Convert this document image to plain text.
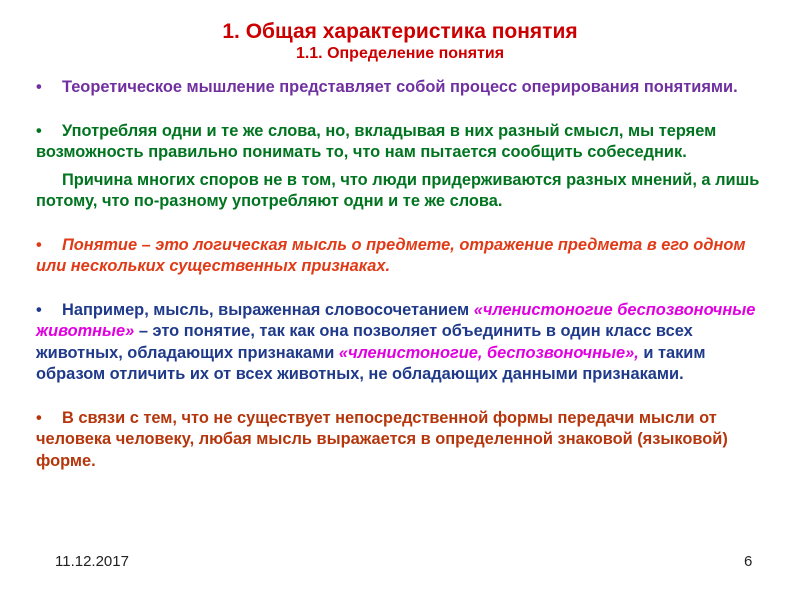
1. Общая характеристика понятия
1.1. Определение понятия

• Теоретическое мышление представляет собой процесс оперирования понятиями.

• Употребляя одни и те же слова, но, вкладывая в них разный смысл, мы теряем возможность правильно понимать то, что нам пытается сообщить собеседник.

Причина многих споров не в том, что люди придерживаются разных мнений, а лишь потому, что по-разному употребляют одни и те же слова.

• Понятие – это логическая мысль о предмете, отражение предмета в его одном или нескольких существенных признаках.

• Например, мысль, выраженная словосочетанием «членистоногие беспозвоночные животные» – это понятие, так как она позволяет объединить в один класс всех животных, обладающих признаками «членистоногие, беспозвоночные», и таким образом отличить их от всех животных, не обладающих данными признаками.

• В связи с тем, что не существует непосредственной формы передачи мысли от человека человеку, любая мысль выражается в определенной знаковой (языковой) форме.

11.12.2017	6
